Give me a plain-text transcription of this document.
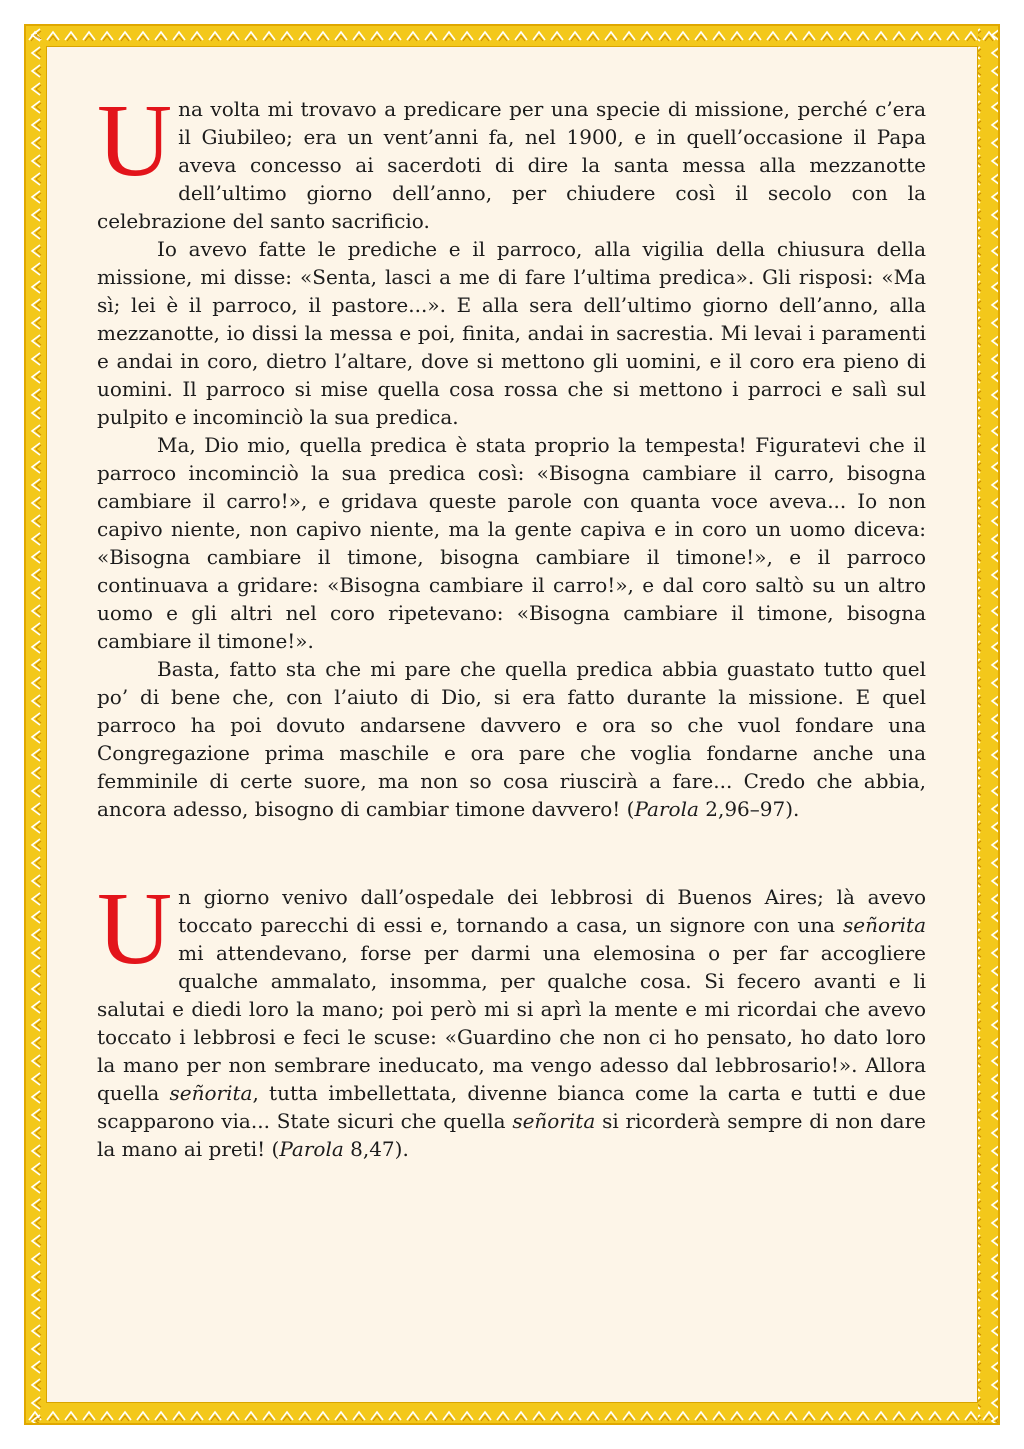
Una volta mi trovavo a predicare per una specie di missione, perché c’era il Giubileo; era un vent’anni fa, nel 1900, e in quell’occasione il Papa aveva concesso ai sacerdoti di dire la santa messa alla mezzanotte dell’ultimo giorno dell’anno, per chiudere così il secolo con la celebrazione del santo sacrificio.

Io avevo fatte le prediche e il parroco, alla vigilia della chiusura della missione, mi disse: «Senta, lasci a me di fare l’ultima predica». Gli risposi: «Ma sì; lei è il parroco, il pastore...». E alla sera dell’ultimo giorno dell’anno, alla mezzanotte, io dissi la messa e poi, finita, andai in sacrestia. Mi levai i paramenti e andai in coro, dietro l’altare, dove si mettono gli uomini, e il coro era pieno di uomini. Il parroco si mise quella cosa rossa che si mettono i parroci e salì sul pulpito e incominciò la sua predica.

Ma, Dio mio, quella predica è stata proprio la tempesta! Figuratevi che il parroco incominciò la sua predica così: «Bisogna cambiare il carro, bisogna cambiare il carro!», e gridava queste parole con quanta voce aveva... Io non capivo niente, non capivo niente, ma la gente capiva e in coro un uomo diceva: «Bisogna cambiare il timone, bisogna cambiare il timone!», e il parroco continuava a gridare: «Bisogna cambiare il carro!», e dal coro saltò su un altro uomo e gli altri nel coro ripetevano: «Bisogna cambiare il timone, bisogna cambiare il timone!».

Basta, fatto sta che mi pare che quella predica abbia guastato tutto quel po’ di bene che, con l’aiuto di Dio, si era fatto durante la missione. E quel parroco ha poi dovuto andarsene davvero e ora so che vuol fondare una Congregazione prima maschile e ora pare che voglia fondarne anche una femminile di certe suore, ma non so cosa riuscirà a fare... Credo che abbia, ancora adesso, bisogno di cambiar timone davvero! (Parola 2,96–97).

Un giorno venivo dall’ospedale dei lebbrosi di Buenos Aires; là avevo toccato parecchi di essi e, tornando a casa, un signore con una señorita mi attendevano, forse per darmi una elemosina o per far accogliere qualche ammalato, insomma, per qualche cosa. Si fecero avanti e li salutai e diedi loro la mano; poi però mi si aprì la mente e mi ricordai che avevo toccato i lebbrosi e feci le scuse: «Guardino che non ci ho pensato, ho dato loro la mano per non sembrare ineducato, ma vengo adesso dal lebbrosario!». Allora quella señorita, tutta imbellettata, divenne bianca come la carta e tutti e due scapparono via... State sicuri che quella señorita si ricorderà sempre di non dare la mano ai preti! (Parola 8,47).
